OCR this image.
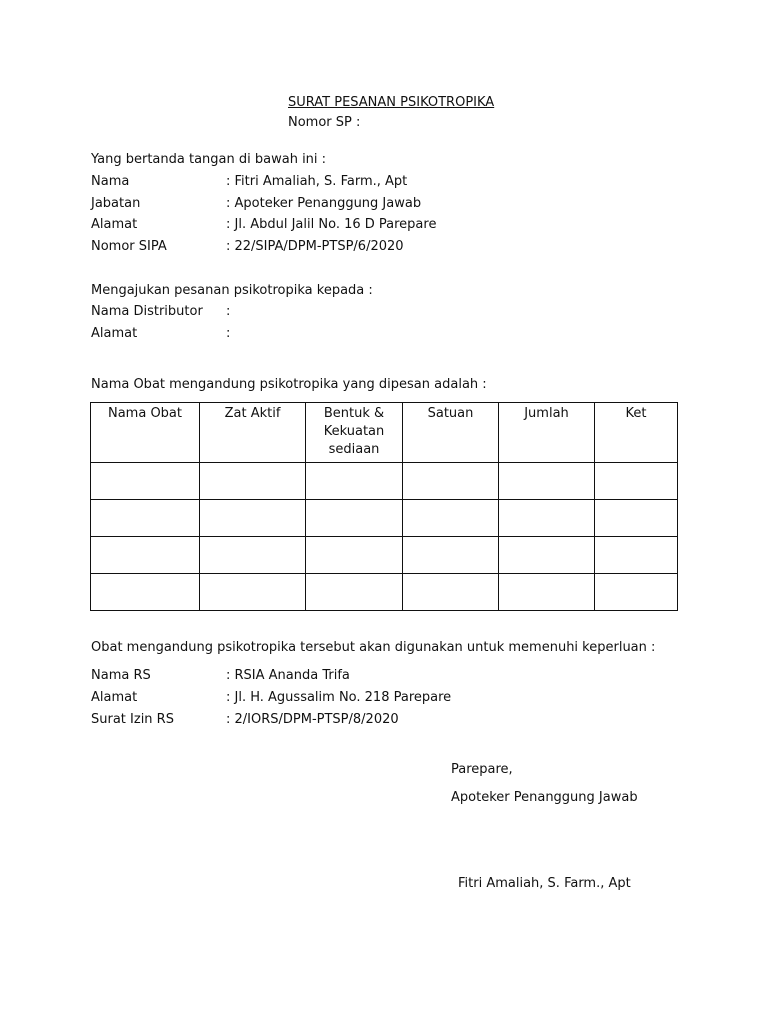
SURAT PESANAN PSIKOTROPIKA
Nomor SP :
Yang bertanda tangan di bawah ini :
Nama	: Fitri Amaliah, S. Farm., Apt
Jabatan	: Apoteker Penanggung Jawab
Alamat	: Jl. Abdul Jalil No. 16 D Parepare
Nomor SIPA	: 22/SIPA/DPM-PTSP/6/2020
Mengajukan pesanan psikotropika kepada :
Nama Distributor :
Alamat	:
Nama Obat mengandung psikotropika yang dipesan adalah :
Nama Obat	Zat Aktif	Bentuk & Kekuatan sediaan	Satuan	Jumlah	Ket

Obat mengandung psikotropika tersebut akan digunakan untuk memenuhi keperluan :
Nama RS	: RSIA Ananda Trifa
Alamat	: Jl. H. Agussalim No. 218 Parepare
Surat Izin RS	: 2/IORS/DPM-PTSP/8/2020
Parepare,
Apoteker Penanggung Jawab
Fitri Amaliah, S. Farm., Apt
